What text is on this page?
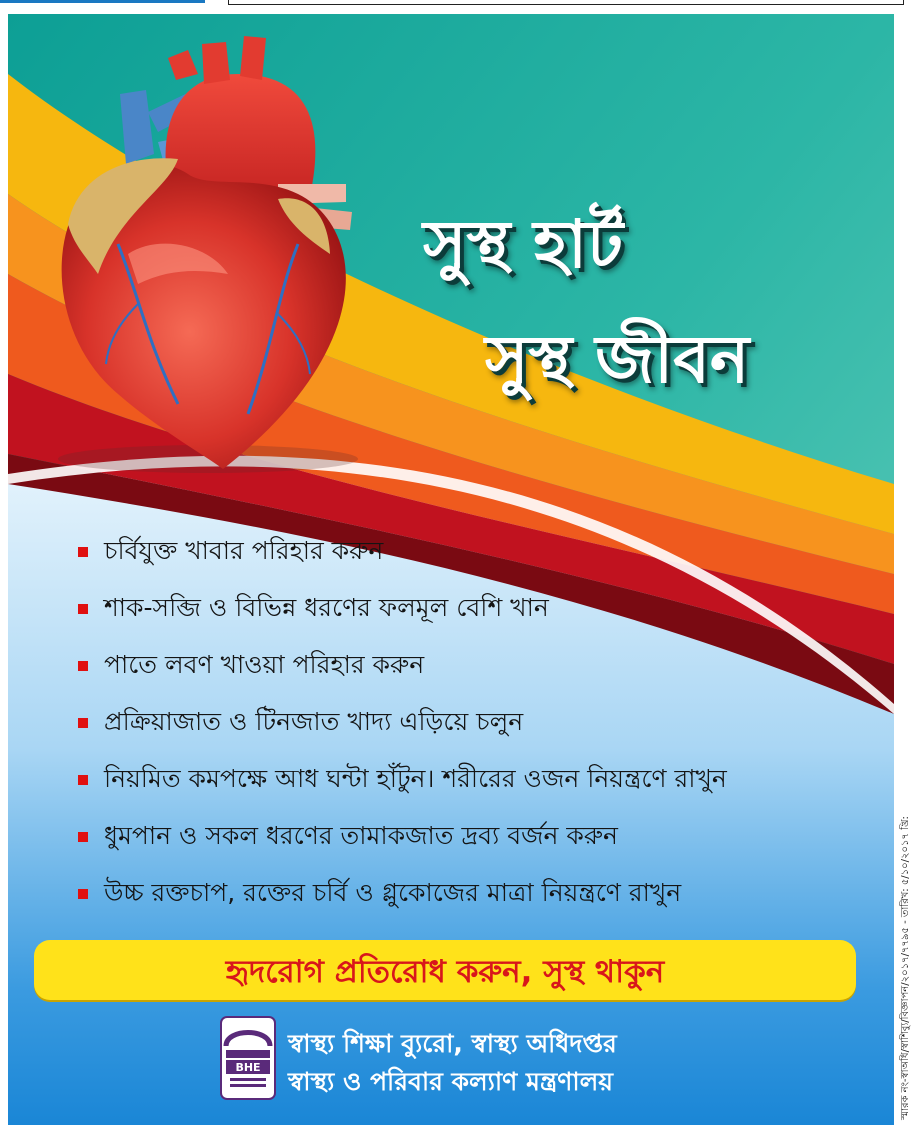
সুস্থ হার্ট
সুস্থ জীবন
চর্বিযুক্ত খাবার পরিহার করুন
শাক-সব্জি ও বিভিন্ন ধরণের ফলমূল বেশি খান
পাতে লবণ খাওয়া পরিহার করুন
প্রক্রিয়াজাত ও টিনজাত খাদ্য এড়িয়ে চলুন
নিয়মিত কমপক্ষে আধ ঘন্টা হাঁটুন। শরীরের ওজন নিয়ন্ত্রণে রাখুন
ধুমপান ও সকল ধরণের তামাকজাত দ্রব্য বর্জন করুন
উচ্চ রক্তচাপ, রক্তের চর্বি ও গ্লুকোজের মাত্রা নিয়ন্ত্রণে রাখুন
হৃদরোগ প্রতিরোধ করুন, সুস্থ থাকুন
BHE
স্বাস্থ্য শিক্ষা ব্যুরো, স্বাস্থ্য অধিদপ্তর
স্বাস্থ্য ও পরিবার কল্যাণ মন্ত্রণালয়	স্মারক নং-স্বাঅধি/স্বাশিব্যু/বিজ্ঞাপন/২০১৭/৭৭৯৫ - তারিখ: ৫/১০/২০১৭ খ্রি:
